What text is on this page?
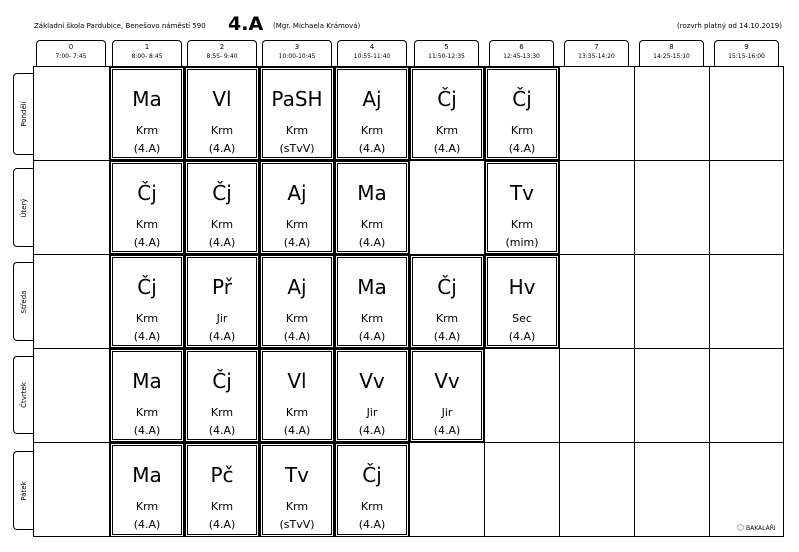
Základní škola Pardubice, Benešovo náměstí 590 4.A (Mgr. Michaela Krámová)	(rozvrh platný od 14.10.2019)
0
7:00- 7:45
1
8:00- 8:45
2
8:55- 9:40
3
10:00-10:45
4
10:55-11:40
5
11:50-12:35
6
12:45-13:30
7
13:35-14:20
8
14:25-15:10
9
15:15-16:00
Pondělí
Úterý
Středa
Čtvrtek
Pátek
Ma
Krm
(4.A)
Vl
Krm
(4.A)
PaSH
Krm
(sTvV)
Aj
Krm
(4.A)
Čj
Krm
(4.A)
Čj
Krm
(4.A)
Čj
Krm
(4.A)
Čj
Krm
(4.A)
Aj
Krm
(4.A)
Ma
Krm
(4.A)
Tv
Krm
(mim)
Čj
Krm
(4.A)
Př
Jir
(4.A)
Aj
Krm
(4.A)
Ma
Krm
(4.A)
Čj
Krm
(4.A)
Hv
Sec
(4.A)
Ma
Krm
(4.A)
Čj
Krm
(4.A)
Vl
Krm
(4.A)
Vv
Jir
(4.A)
Vv
Jir
(4.A)
Ma
Krm
(4.A)
Pč
Krm
(4.A)
Tv
Krm
(sTvV)
Čj
Krm
(4.A)	⬡ BAKALÁŘI
